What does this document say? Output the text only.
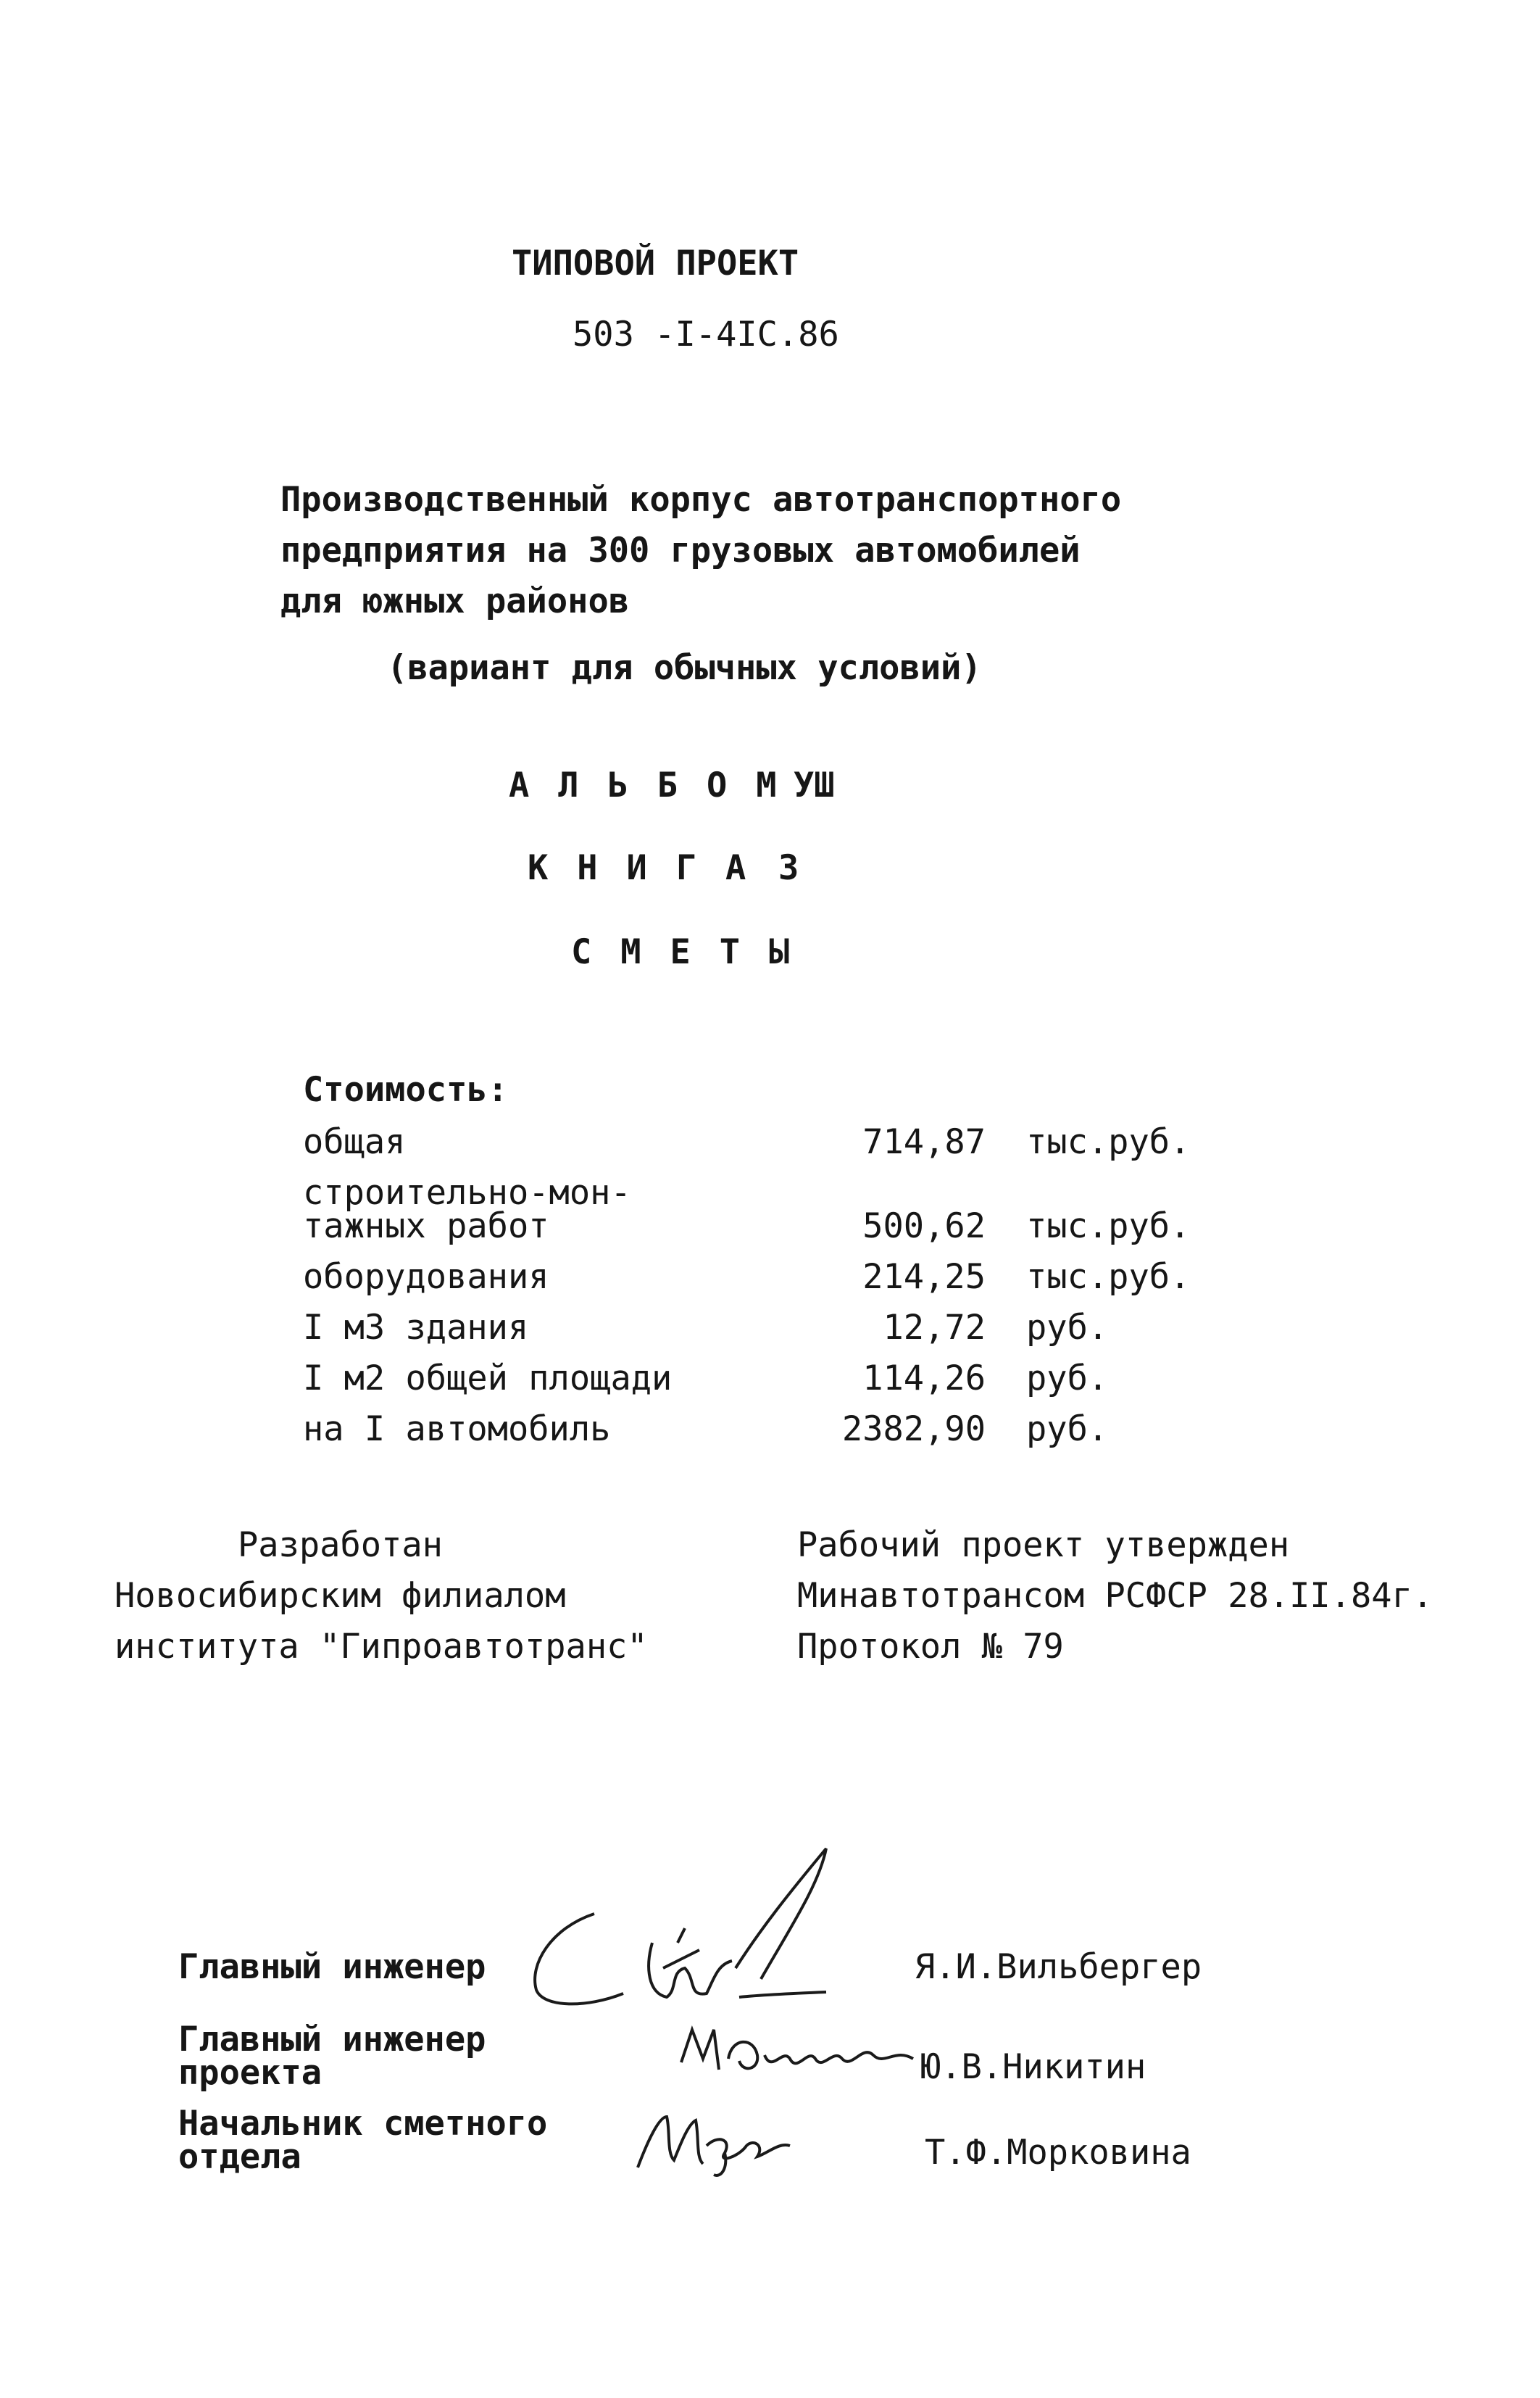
ТИПОВОЙ ПРОЕКТ
503 -I-4IC.86
Производственный корпус автотранспортного
предприятия на 300 грузовых автомобилей
для южных районов
(вариант для обычных условий)
АЛЬБОМ
УШ
КНИГА 3
СМЕТЫ
Стоимость:
общая	714,87 тыс.руб.
строительно-мон-
тажных работ	500,62 тыс.руб.
оборудования	214,25 тыс.руб.
I м3 здания	12,72 руб.
I м2 общей площади	114,26 руб.
на I автомобиль	2382,90 руб.
Разработан
Новосибирским филиалом
института "Гипроавтотранс"
Рабочий проект утвержден
Минавтотрансом РСФСР 28.II.84г.
Протокол № 79
Главный инженер	Я.И.Вильбергер
Главный инженер
проекта	Ю.В.Никитин
Начальник сметного
отдела	Т.Ф.Морковина
